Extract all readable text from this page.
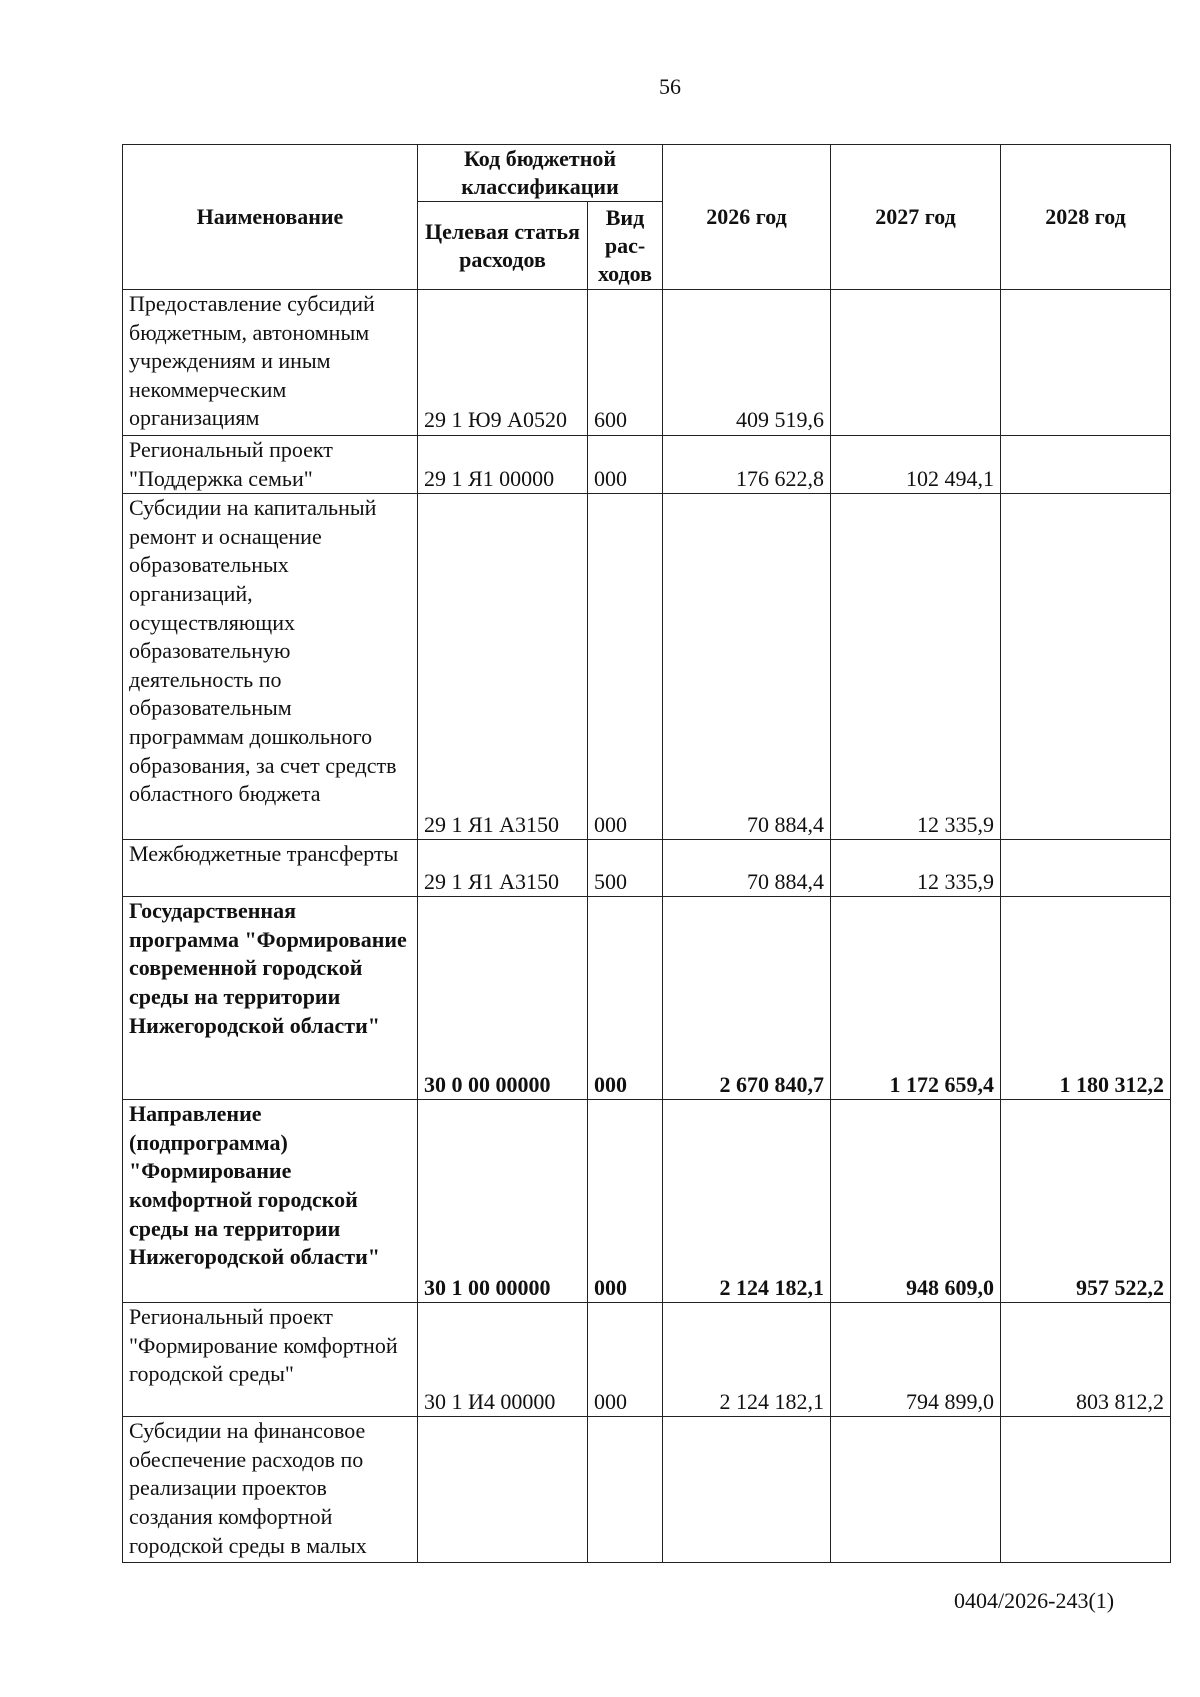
56
Наименование	Код бюджетной классификации		2026 год	2027 год	2028 год
	Целевая статья расходов	Вид рас- ходов			
Предоставление субсидий бюджетным, автономным учреждениям и иным некоммерческим организациям	29 1 Ю9 А0520	600	409 519,6		
Региональный проект "Поддержка семьи"	29 1 Я1 00000	000	176 622,8	102 494,1	
Субсидии на капитальный ремонт и оснащение образовательных организаций, осуществляющих образовательную деятельность по образовательным программам дошкольного образования, за счет средств областного бюджета	29 1 Я1 А3150	000	70 884,4	12 335,9	
Межбюджетные трансферты	29 1 Я1 А3150	500	70 884,4	12 335,9	
Государственная программа "Формирование современной городской среды на территории Нижегородской области"	30 0 00 00000	000	2 670 840,7	1 172 659,4	1 180 312,2
Направление (подпрограмма) "Формирование комфортной городской среды на территории Нижегородской области"	30 1 00 00000	000	2 124 182,1	948 609,0	957 522,2
Региональный проект "Формирование комфортной городской среды"	30 1 И4 00000	000	2 124 182,1	794 899,0	803 812,2
Субсидии на финансовое обеспечение расходов по реализации проектов создания комфортной городской среды в малых					
0404/2026-243(1)
